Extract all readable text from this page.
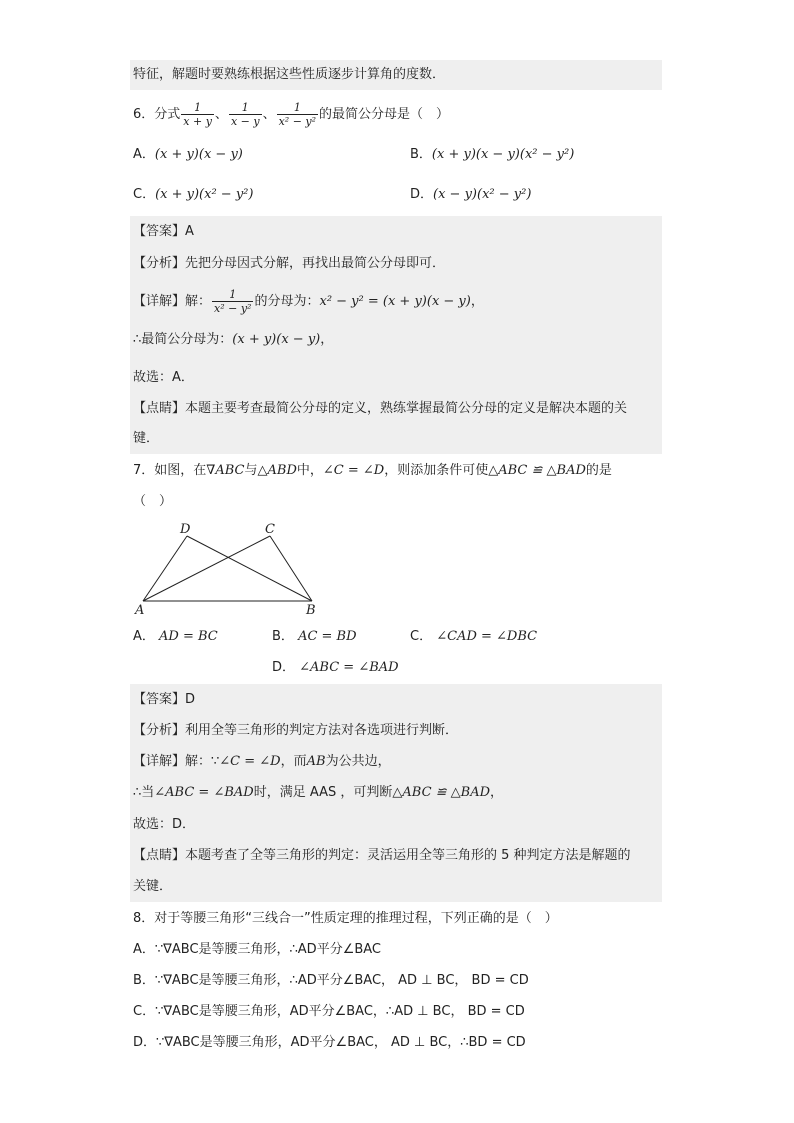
特征，解题时要熟练根据这些性质逐步计算角的度数．
6．分式 $\frac{1}{x + y}$ 、 $\frac{1}{x - y}$ 、 $\frac{1}{\text{x² − y²}}$ 的最简公分母是（　）
A．(x + y)(x − y)	B．(x + y)(x − y)(x² − y²)
C．(x + y)(x² − y²)	D．(x − y)(x² − y²)
【答案】A
【分析】先把分母因式分解，再找出最简公分母即可．
【详解】解： $\frac{1}{\text{x² − y²}}$ 的分母为：x² − y² = (x + y)(x − y)，
∴最简公分母为：(x + y)(x − y)，
故选：A．
【点睛】本题主要考查最简公分母的定义，熟练掌握最简公分母的定义是解决本题的关
键．
7．如图，在∇ABC与△ABD中，∠C = ∠D，则添加条件可使△ABC ≌ △BAD的是
（　）
D	C
A	B
A． AD = BC	B． AC = BD	C． ∠CAD = ∠DBC
D． ∠ABC = ∠BAD
【答案】D
【分析】利用全等三角形的判定方法对各选项进行判断．
【详解】解：∵∠C = ∠D，而AB为公共边，
∴当∠ABC = ∠BAD时，满足 AAS ，可判断△ABC ≌ △BAD，
故选：D．
【点睛】本题考查了全等三角形的判定：灵活运用全等三角形的 5 种判定方法是解题的
关键．
8．对于等腰三角形“三线合一”性质定理的推理过程，下列正确的是（　）
A．∵∇ABC是等腰三角形，∴AD平分∠BAC
B．∵∇ABC是等腰三角形，∴AD平分∠BAC， AD ⊥ BC， BD = CD
C．∵∇ABC是等腰三角形，AD平分∠BAC，∴AD ⊥ BC， BD = CD
D．∵∇ABC是等腰三角形，AD平分∠BAC， AD ⊥ BC，∴BD = CD
